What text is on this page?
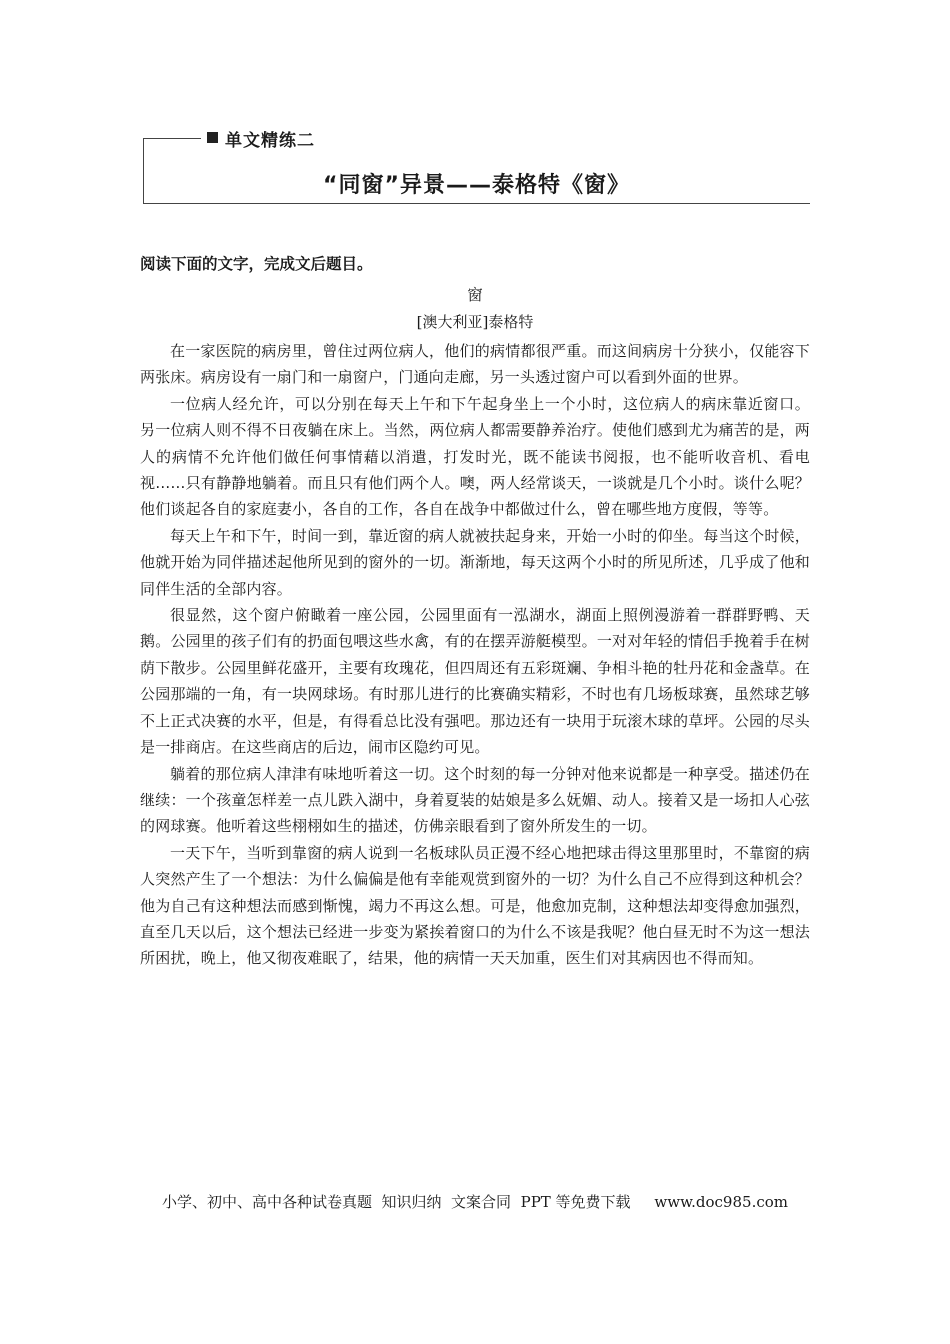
单文精练二
“同窗”异景——泰格特《窗》
阅读下面的文字，完成文后题目。
窗
[澳大利亚]泰格特

在一家医院的病房里，曾住过两位病人，他们的病情都很严重。而这间病房十分狭小，仅能容下两张床。病房设有一扇门和一扇窗户，门通向走廊，另一头透过窗户可以看到外面的世界。

一位病人经允许，可以分别在每天上午和下午起身坐上一个小时，这位病人的病床靠近窗口。 另一位病人则不得不日夜躺在床上。当然，两位病人都需要静养治疗。使他们感到尤为痛苦的是，两人的病情不允许他们做任何事情藉以消遣，打发时光，既不能读书阅报，也不能听收音机、看电视……只有静静地躺着。而且只有他们两个人。噢，两人经常谈天，一谈就是几个小时。谈什么呢？他们谈起各自的家庭妻小，各自的工作，各自在战争中都做过什么，曾在哪些地方度假，等等。

每天上午和下午，时间一到，靠近窗的病人就被扶起身来，开始一小时的仰坐。每当这个时候，他就开始为同伴描述起他所见到的窗外的一切。渐渐地，每天这两个小时的所见所述，几乎成了他和同伴生活的全部内容。

很显然，这个窗户俯瞰着一座公园，公园里面有一泓湖水，湖面上照例漫游着一群群野鸭、天鹅。公园里的孩子们有的扔面包喂这些水禽，有的在摆弄游艇模型。一对对年轻的情侣手挽着手在树荫下散步。公园里鲜花盛开，主要有玫瑰花，但四周还有五彩斑斓、争相斗艳的牡丹花和金盏草。在公园那端的一角，有一块网球场。有时那儿进行的比赛确实精彩，不时也有几场板球赛，虽然球艺够不上正式决赛的水平，但是，有得看总比没有强吧。那边还有一块用于玩滚木球的草坪。公园的尽头是一排商店。在这些商店的后边，闹市区隐约可见。

躺着的那位病人津津有味地听着这一切。这个时刻的每一分钟对他来说都是一种享受。描述仍在继续：一个孩童怎样差一点儿跌入湖中，身着夏装的姑娘是多么妩媚、动人。接着又是一场扣人心弦的网球赛。他听着这些栩栩如生的描述，仿佛亲眼看到了窗外所发生的一切。

一天下午，当听到靠窗的病人说到一名板球队员正漫不经心地把球击得这里那里时，不靠窗的病人突然产生了一个想法：为什么偏偏是他有幸能观赏到窗外的一切？为什么自己不应得到这种机会？他为自己有这种想法而感到惭愧，竭力不再这么想。可是，他愈加克制，这种想法却变得愈加强烈，直至几天以后，这个想法已经进一步变为紧挨着窗口的为什么不该是我呢？他白昼无时不为这一想法所困扰，晚上，他又彻夜难眠了，结果，他的病情一天天加重，医生们对其病因也不得而知。

小学、初中、高中各种试卷真题  知识归纳  文案合同  PPT 等免费下载     www.doc985.com
